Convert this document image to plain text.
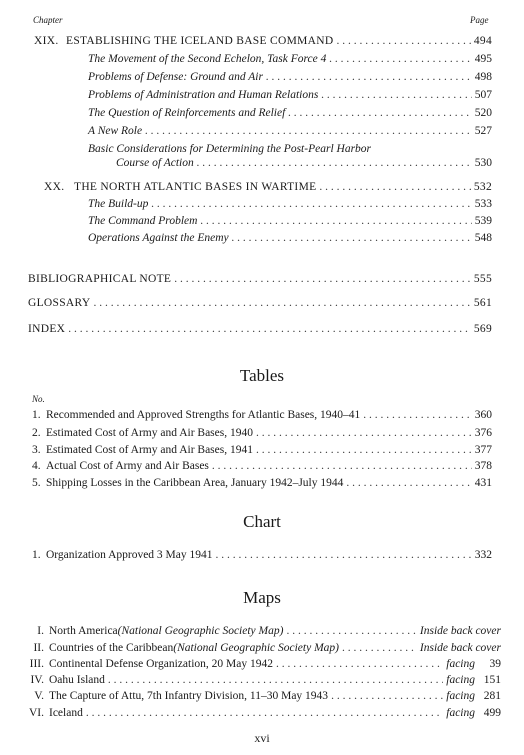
Chapter	Page
XIX. ESTABLISHING THE ICELAND BASE COMMAND . . .	494
The Movement of the Second Echelon, Task Force 4 . . .	495
Problems of Defense: Ground and Air . . .	498
Problems of Administration and Human Relations . . .	507
The Question of Reinforcements and Relief . . .	520
A New Role . . .	527
Basic Considerations for Determining the Post-Pearl Harbor
Course of Action . . .	530
XX. THE NORTH ATLANTIC BASES IN WARTIME . . .	532
The Build-up . . .	533
The Command Problem . . .	539
Operations Against the Enemy . . .	548
BIBLIOGRAPHICAL NOTE . . .	555
GLOSSARY . . .	561
INDEX . . .	569
Tables
No.
1. Recommended and Approved Strengths for Atlantic Bases, 1940–41 . . .	360
2. Estimated Cost of Army and Air Bases, 1940 . . .	376
3. Estimated Cost of Army and Air Bases, 1941 . . .	377
4. Actual Cost of Army and Air Bases . . .	378
5. Shipping Losses in the Caribbean Area, January 1942–July 1944 . . .	431
Chart
1. Organization Approved 3 May 1941 . . .	332
Maps
I. North America (National Geographic Society Map) . . .	Inside back cover
II. Countries of the Caribbean (National Geographic Society Map) . . .	Inside back cover
III. Continental Defense Organization, 20 May 1942 . . .	facing	39
IV. Oahu Island . . .	facing 151
V. The Capture of Attu, 7th Infantry Division, 11–30 May 1943 . . .	facing 281
VI. Iceland . . .	facing 499
xvi
